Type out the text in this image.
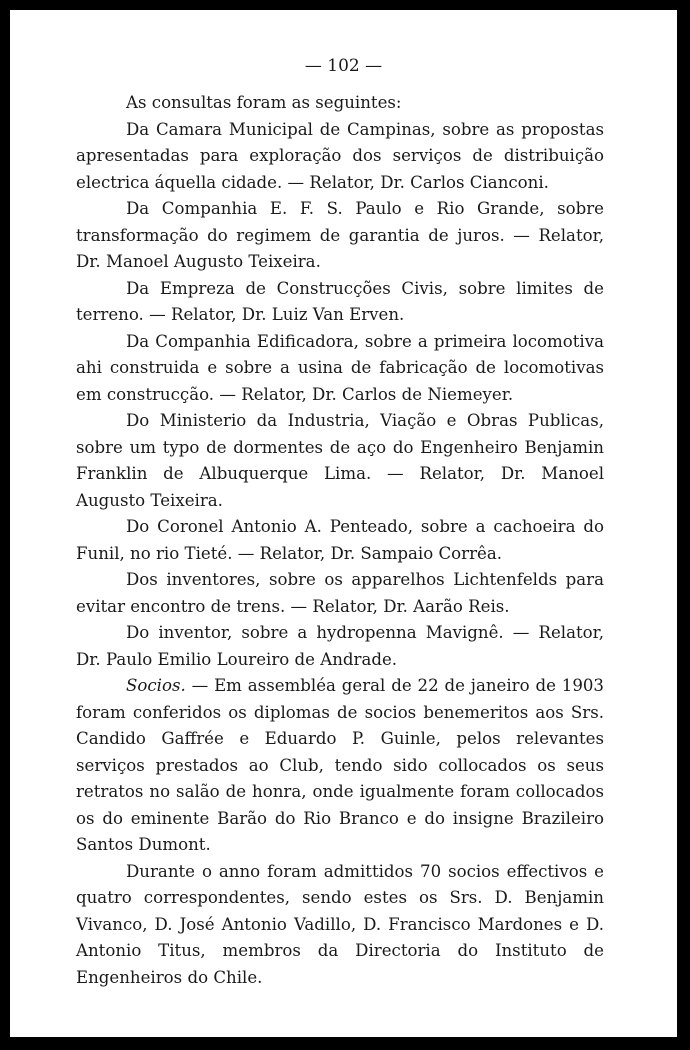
— 102 —

As consultas foram as seguintes:

Da Camara Municipal de Campinas, sobre as propostas apresentadas para exploração dos serviços de distribuição electrica áquella cidade. — Relator, Dr. Carlos Cianconi.

Da Companhia E. F. S. Paulo e Rio Grande, sobre transformação do regimem de garantia de juros. — Relator, Dr. Manoel Augusto Teixeira.

Da Empreza de Construcções Civis, sobre limites de terreno. — Relator, Dr. Luiz Van Erven.

Da Companhia Edificadora, sobre a primeira locomotiva ahi construida e sobre a usina de fabricação de locomotivas em construcção. — Relator, Dr. Carlos de Niemeyer.

Do Ministerio da Industria, Viação e Obras Publicas, sobre um typo de dormentes de aço do Engenheiro Benjamin Franklin de Albuquerque Lima. — Relator, Dr. Manoel Augusto Teixeira.

Do Coronel Antonio A. Penteado, sobre a cachoeira do Funil, no rio Tieté. — Relator, Dr. Sampaio Corrêa.

Dos inventores, sobre os apparelhos Lichtenfelds para evitar encontro de trens. — Relator, Dr. Aarão Reis.

Do inventor, sobre a hydropenna Mavignê. — Relator, Dr. Paulo Emilio Loureiro de Andrade.

Socios. — Em assembléa geral de 22 de janeiro de 1903 foram conferidos os diplomas de socios benemeritos aos Srs. Candido Gaffrée e Eduardo P. Guinle, pelos relevantes serviços prestados ao Club, tendo sido collocados os seus retratos no salão de honra, onde igualmente foram collocados os do eminente Barão do Rio Branco e do insigne Brazileiro Santos Dumont.

Durante o anno foram admittidos 70 socios effectivos e quatro correspondentes, sendo estes os Srs. D. Benjamin Vivanco, D. José Antonio Vadillo, D. Francisco Mardones e D. Antonio Titus, membros da Directoria do Instituto de Engenheiros do Chile.
